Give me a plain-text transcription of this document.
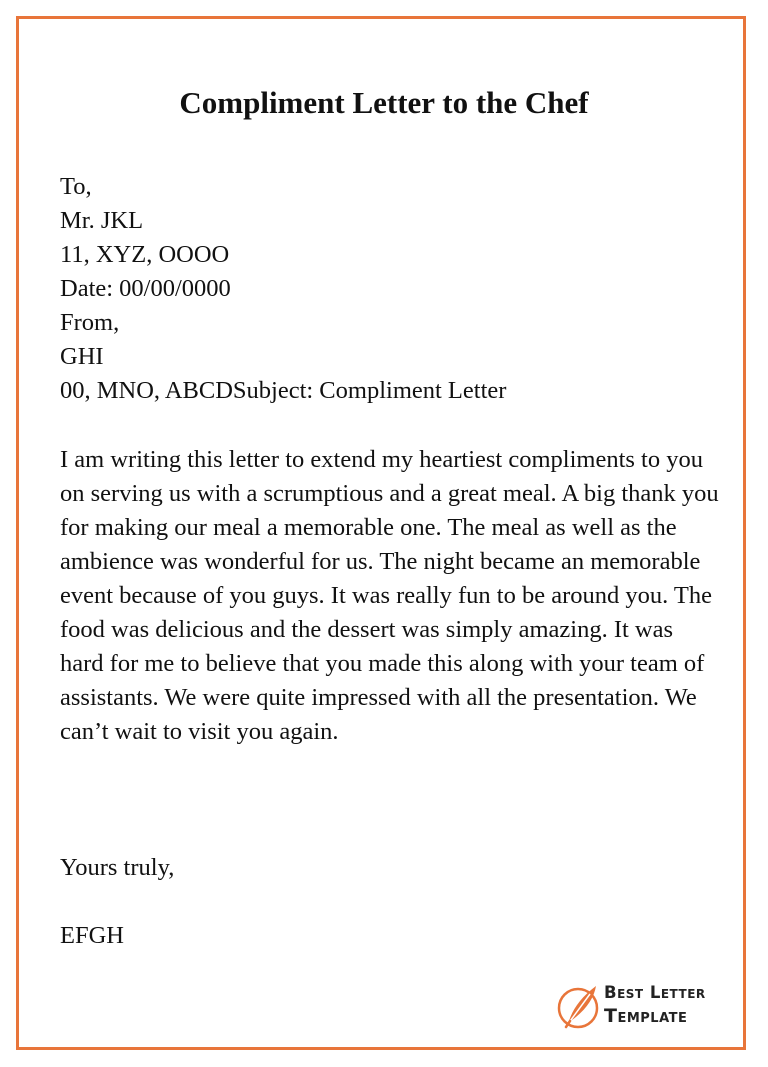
Compliment Letter to the Chef
To,
Mr. JKL
11, XYZ, OOOO
Date: 00/00/0000
From,
GHI
00, MNO, ABCDSubject: Compliment Letter

I am writing this letter to extend my heartiest compliments to you on serving us with a scrumptious and a great meal. A big thank you for making our meal a memorable one. The meal as well as the ambience was wonderful for us. The night became an memorable event because of you guys. It was really fun to be around you. The food was delicious and the dessert was simply amazing. It was hard for me to believe that you made this along with your team of assistants. We were quite impressed with all the presentation. We can’t wait to visit you again.

Yours truly,

EFGH

Best Letter
Template
